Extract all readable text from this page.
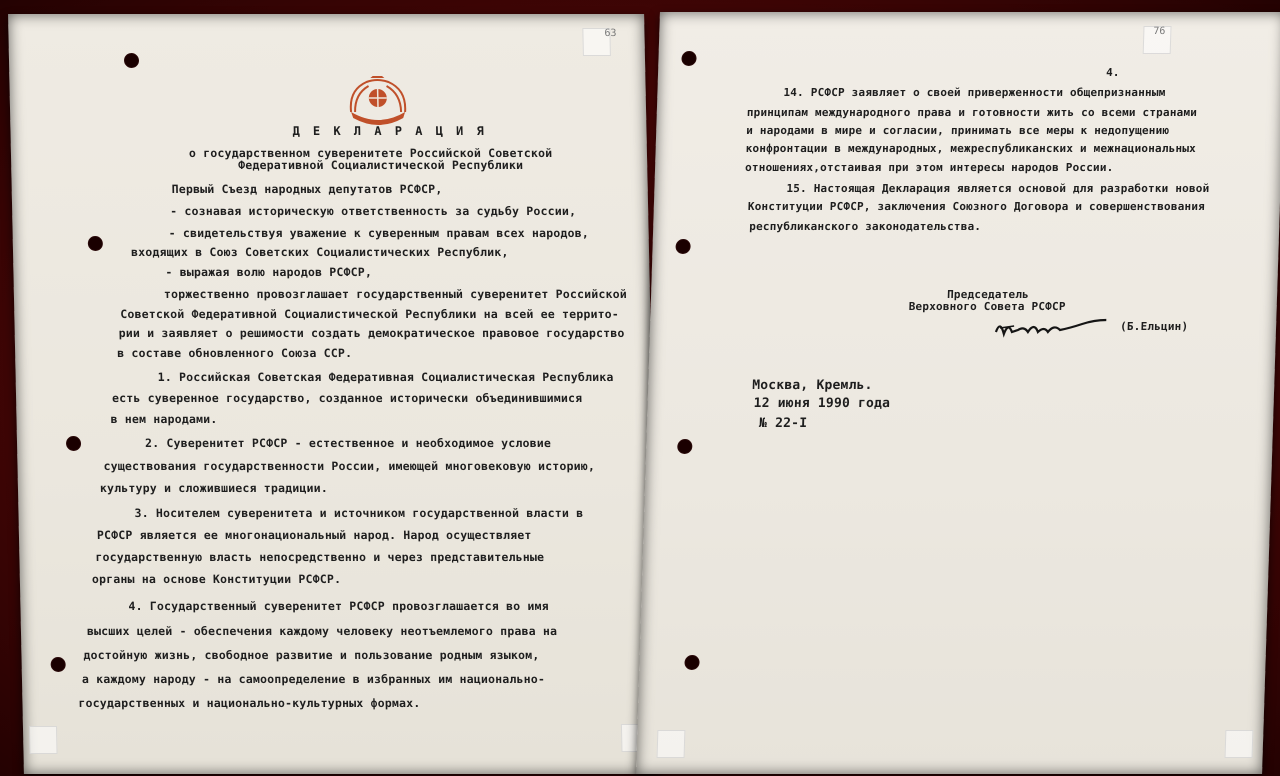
63
Д Е К Л А Р А Ц И Я
о государственном суверенитете Российской Советской
Федеративной Социалистической Республики
Первый Съезд народных депутатов РСФСР,
- сознавая историческую ответственность за судьбу России,
- свидетельствуя уважение к суверенным правам всех народов,
входящих в Союз Советских Социалистических Республик,
- выражая волю народов РСФСР,
торжественно провозглашает государственный суверенитет Российской
Советской Федеративной Социалистической Республики на всей ее террито-
рии и заявляет о решимости создать демократическое правовое государство
в составе обновленного Союза ССР.
1. Российская Советская Федеративная Социалистическая Республика
есть суверенное государство, созданное исторически объединившимися
в нем народами.
2. Суверенитет РСФСР - естественное и необходимое условие
существования государственности России, имеющей многовековую историю,
культуру и сложившиеся традиции.
3. Носителем суверенитета и источником государственной власти в
РСФСР является ее многонациональный народ. Народ осуществляет
государственную власть непосредственно и через представительные
органы на основе Конституции РСФСР.
4. Государственный суверенитет РСФСР провозглашается во имя
высших целей - обеспечения каждому человеку неотъемлемого права на
достойную жизнь, свободное развитие и пользование родным языком,
а каждому народу - на самоопределение в избранных им национально-
государственных и национально-культурных формах.
76
4.
14. РСФСР заявляет о своей приверженности общепризнанным
принципам международного права и готовности жить со всеми странами
и народами в мире и согласии, принимать все меры к недопущению
конфронтации в международных, межреспубликанских и межнациональных
отношениях,отстаивая при этом интересы народов России.
15. Настоящая Декларация является основой для разработки новой
Конституции РСФСР, заключения Союзного Договора и совершенствования
республиканского законодательства.
Председатель
Верховного Совета РСФСР
(Б.Ельцин)
Москва, Кремль.
12 июня 1990 года
№ 22-I
